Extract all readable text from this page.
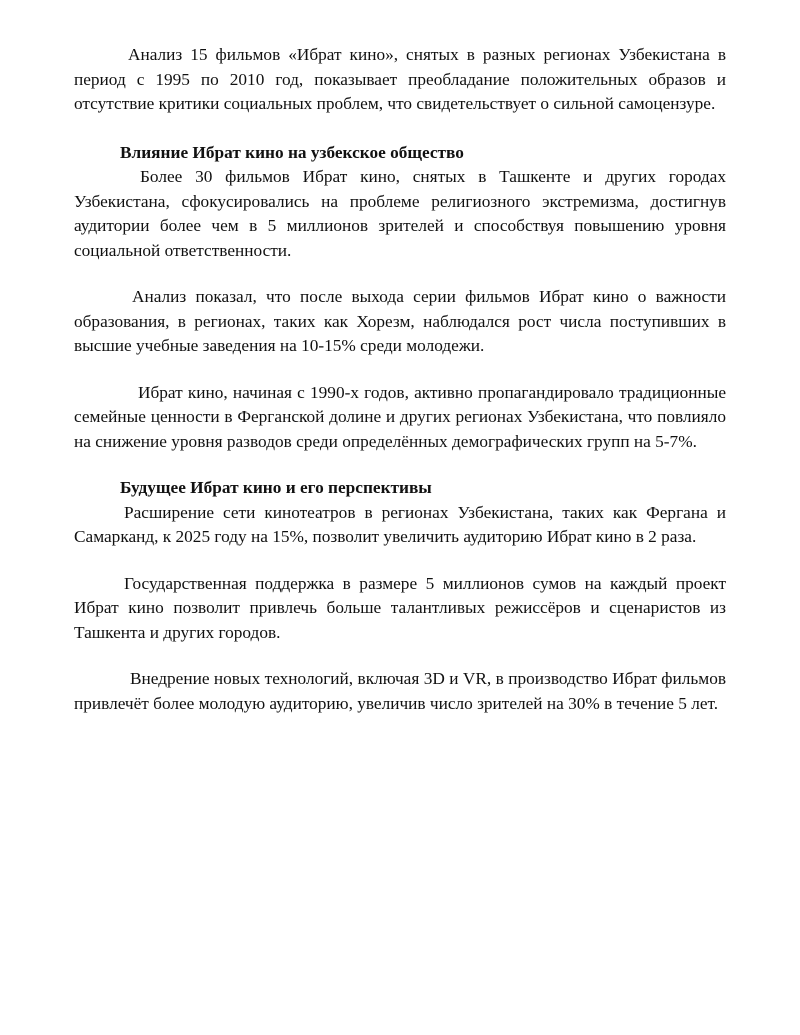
Анализ 15 фильмов «Ибрат кино», снятых в разных регионах Узбекистана в период с 1995 по 2010 год, показывает преобладание положительных образов и отсутствие критики социальных проблем, что свидетельствует о сильной самоцензуре.

Влияние Ибрат кино на узбекское общество

Более 30 фильмов Ибрат кино, снятых в Ташкенте и других городах Узбекистана, сфокусировались на проблеме религиозного экстремизма, достигнув аудитории более чем в 5 миллионов зрителей и способствуя повышению уровня социальной ответственности.

Анализ показал, что после выхода серии фильмов Ибрат кино о важности образования, в регионах, таких как Хорезм, наблюдался рост числа поступивших в высшие учебные заведения на 10-15% среди молодежи.

Ибрат кино, начиная с 1990-х годов, активно пропагандировало традиционные семейные ценности в Ферганской долине и других регионах Узбекистана, что повлияло на снижение уровня разводов среди определённых демографических групп на 5-7%.

Будущее Ибрат кино и его перспективы

Расширение сети кинотеатров в регионах Узбекистана, таких как Фергана и Самарканд, к 2025 году на 15%, позволит увеличить аудиторию Ибрат кино в 2 раза.

Государственная поддержка в размере 5 миллионов сумов на каждый проект Ибрат кино позволит привлечь больше талантливых режиссёров и сценаристов из Ташкента и других городов.

Внедрение новых технологий, включая 3D и VR, в производство Ибрат фильмов привлечёт более молодую аудиторию, увеличив число зрителей на 30% в течение 5 лет.
